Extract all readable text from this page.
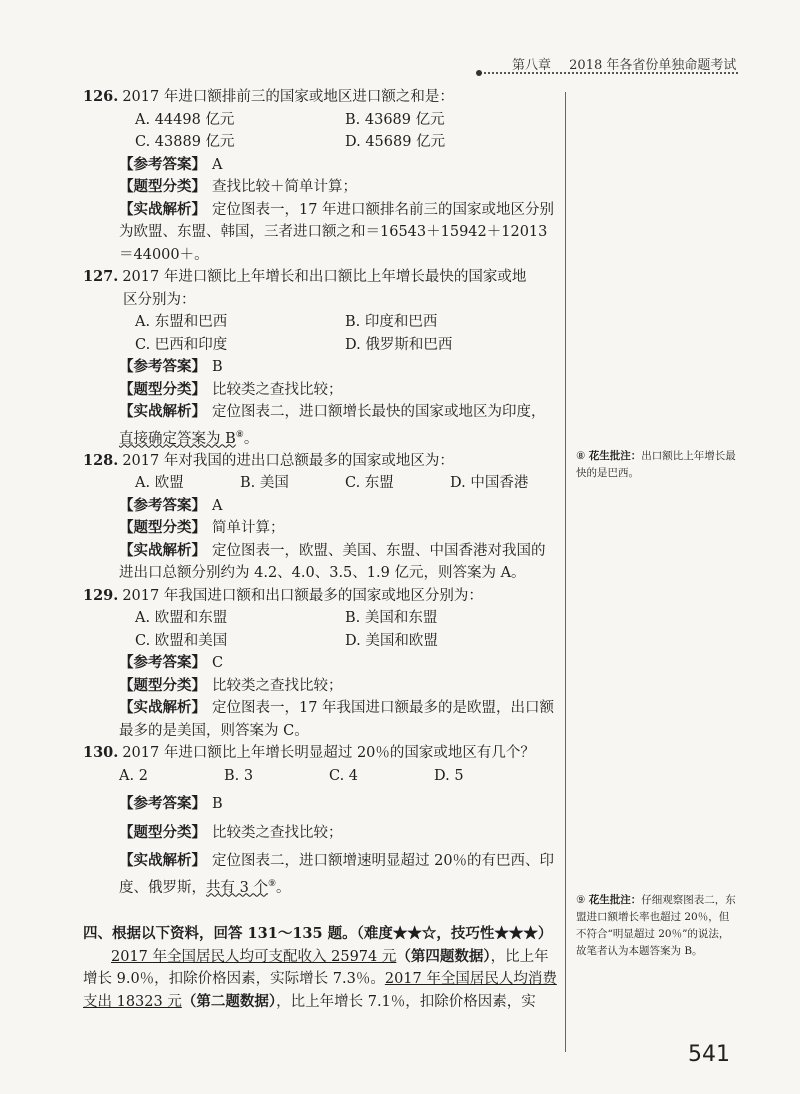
第八章 2018 年各省份单独命题考试
126. 2017 年进口额排前三的国家或地区进口额之和是：
A. 44498 亿元	B. 43689 亿元
C. 43889 亿元	D. 45689 亿元
【参考答案】 A
【题型分类】 查找比较＋简单计算；
【实战解析】 定位图表一，17 年进口额排名前三的国家或地区分别为欧盟、东盟、韩国，三者进口额之和＝16543＋15942＋12013＝44000＋。
127. 2017 年进口额比上年增长和出口额比上年增长最快的国家或地
区分别为：
A. 东盟和巴西	B. 印度和巴西
C. 巴西和印度	D. 俄罗斯和巴西
【参考答案】 B
【题型分类】 比较类之查找比较；
【实战解析】 定位图表二，进口额增长最快的国家或地区为印度，直接确定答案为 B⑧。
128. 2017 年对我国的进出口总额最多的国家或地区为：
A. 欧盟	B. 美国	C. 东盟	D. 中国香港
【参考答案】 A
【题型分类】 简单计算；
【实战解析】 定位图表一，欧盟、美国、东盟、中国香港对我国的进出口总额分别约为 4.2、4.0、3.5、1.9 亿元，则答案为 A。
129. 2017 年我国进口额和出口额最多的国家或地区分别为：
A. 欧盟和东盟	B. 美国和东盟
C. 欧盟和美国	D. 美国和欧盟
【参考答案】 C
【题型分类】 比较类之查找比较；
【实战解析】 定位图表一，17 年我国进口额最多的是欧盟，出口额最多的是美国，则答案为 C。
130. 2017 年进口额比上年增长明显超过 20％的国家或地区有几个？
A. 2	B. 3	C. 4	D. 5
【参考答案】 B
【题型分类】 比较类之查找比较；
【实战解析】 定位图表二，进口额增速明显超过 20％的有巴西、印度、俄罗斯，共有 3 个⑨。
四、根据以下资料，回答 131～135 题。（难度★★☆，技巧性★★★）
2017 年全国居民人均可支配收入 25974 元（第四题数据），比上年增长 9.0％，扣除价格因素，实际增长 7.3％。2017 年全国居民人均消费支出 18323 元（第二题数据），比上年增长 7.1％，扣除价格因素，实
⑧ 花生批注：出口额比上年增长最快的是巴西。
⑨ 花生批注：仔细观察图表二，东盟进口额增长率也超过 20％，但不符合“明显超过 20％”的说法，故笔者认为本题答案为 B。
541
